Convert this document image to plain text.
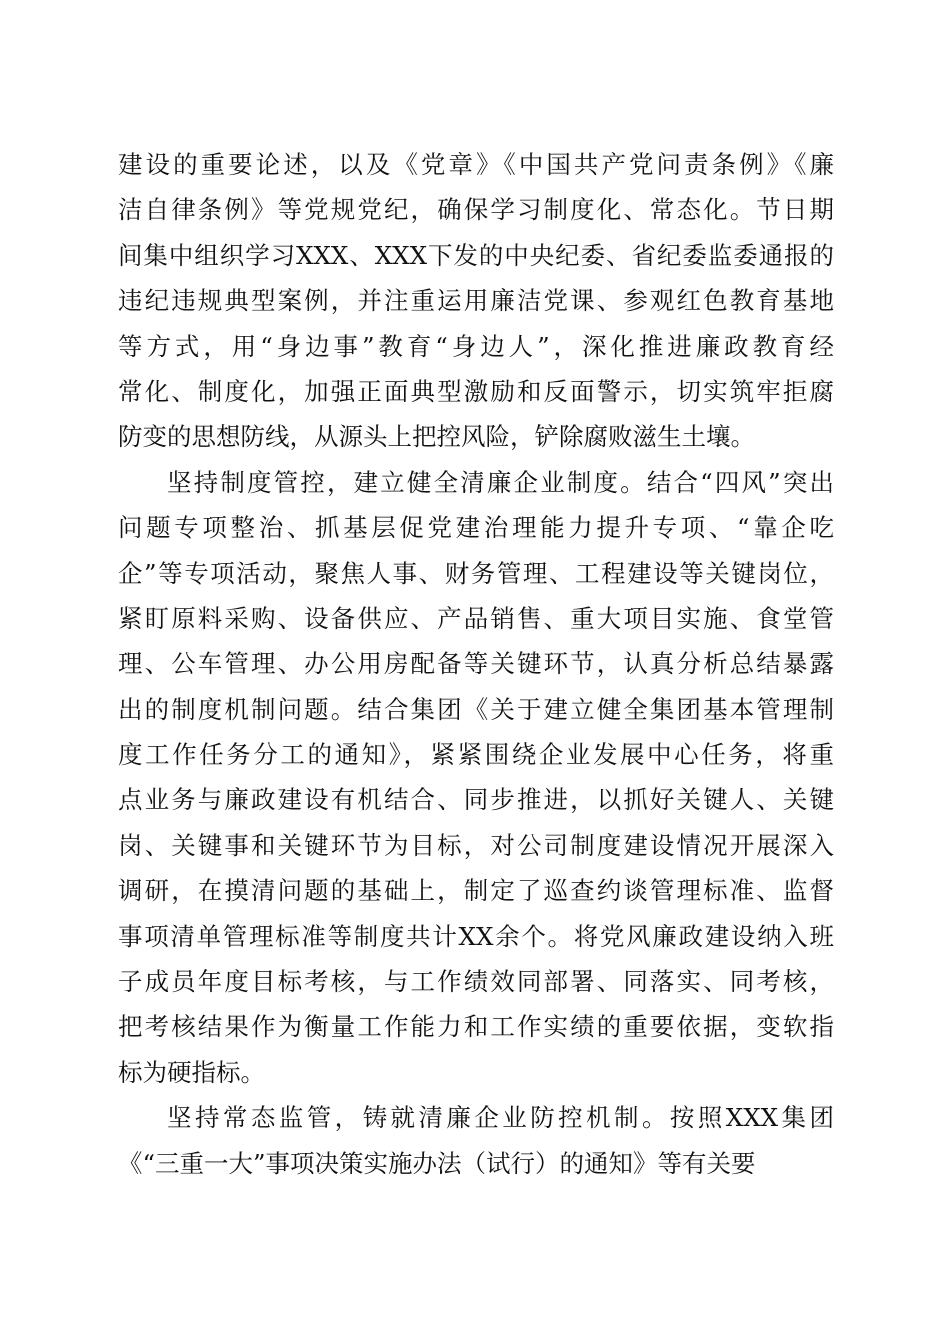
建设的重要论述，以及《党章》《中国共产党问责条例》《廉
洁自律条例》等党规党纪，确保学习制度化、常态化。节日期
间集中组织学习XXX、XXX下发的中央纪委、省纪委监委通报的
违纪违规典型案例，并注重运用廉洁党课、参观红色教育基地
等方式，用“身边事”教育“身边人”，深化推进廉政教育经
常化、制度化，加强正面典型激励和反面警示，切实筑牢拒腐
防变的思想防线，从源头上把控风险，铲除腐败滋生土壤。
坚持制度管控，建立健全清廉企业制度。结合“四风”突出
问题专项整治、抓基层促党建治理能力提升专项、“靠企吃
企”等专项活动，聚焦人事、财务管理、工程建设等关键岗位，
紧盯原料采购、设备供应、产品销售、重大项目实施、食堂管
理、公车管理、办公用房配备等关键环节，认真分析总结暴露
出的制度机制问题。结合集团《关于建立健全集团基本管理制
度工作任务分工的通知》，紧紧围绕企业发展中心任务，将重
点业务与廉政建设有机结合、同步推进，以抓好关键人、关键
岗、关键事和关键环节为目标，对公司制度建设情况开展深入
调研，在摸清问题的基础上，制定了巡查约谈管理标准、监督
事项清单管理标准等制度共计XX余个。将党风廉政建设纳入班
子成员年度目标考核，与工作绩效同部署、同落实、同考核，
把考核结果作为衡量工作能力和工作实绩的重要依据，变软指
标为硬指标。
坚持常态监管，铸就清廉企业防控机制。按照XXX集团
《“三重一大”事项决策实施办法（试行）的通知》等有关要
